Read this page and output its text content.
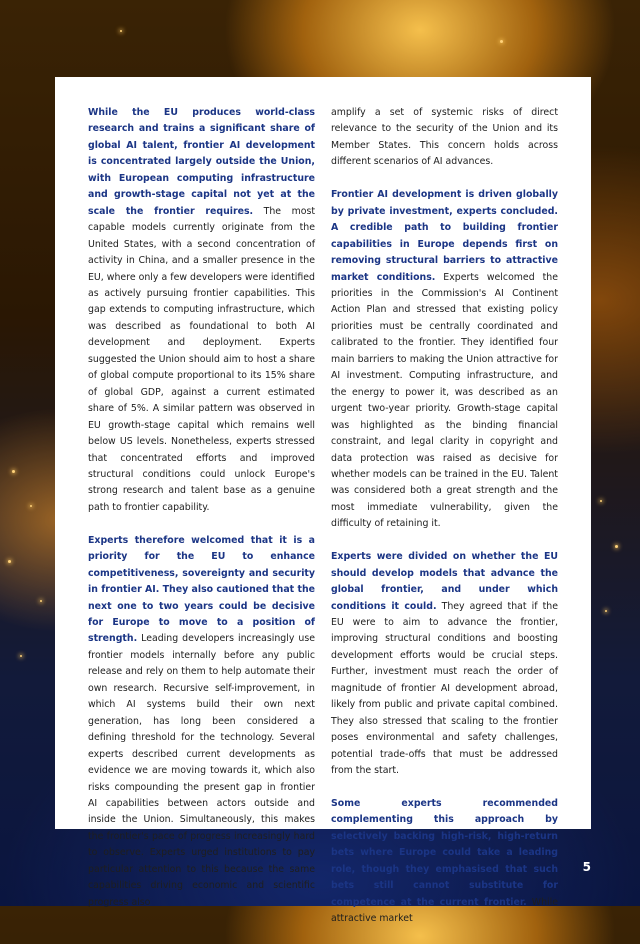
While the EU produces world-class research and trains a significant share of global AI talent, frontier AI development is concentrated largely outside the Union, with European computing infrastructure and growth-stage capital not yet at the scale the frontier requires. The most capable models currently originate from the United States, with a second concentration of activity in China, and a smaller presence in the EU, where only a few developers were identified as actively pursuing frontier capabilities. This gap extends to computing infrastructure, which was described as foundational to both AI development and deployment. Experts suggested the Union should aim to host a share of global compute proportional to its 15% share of global GDP, against a current estimated share of 5%. A similar pattern was observed in EU growth-stage capital which remains well below US levels. Nonetheless, experts stressed that concentrated efforts and improved structural conditions could unlock Europe's strong research and talent base as a genuine path to frontier capability.

Experts therefore welcomed that it is a priority for the EU to enhance competitiveness, sovereignty and security in frontier AI. They also cautioned that the next one to two years could be decisive for Europe to move to a position of strength. Leading developers increasingly use frontier models internally before any public release and rely on them to help automate their own research. Recursive self-improvement, in which AI systems build their own next generation, has long been considered a defining threshold for the technology. Several experts described current developments as evidence we are moving towards it, which also risks compounding the present gap in frontier AI capabilities between actors outside and inside the Union. Simultaneously, this makes the frontier's pace of progress increasingly hard to observe. Experts urged institutions to pay particular attention to this because the same capabilities driving economic and scientific progress also

amplify a set of systemic risks of direct relevance to the security of the Union and its Member States. This concern holds across different scenarios of AI advances.

Frontier AI development is driven globally by private investment, experts concluded. A credible path to building frontier capabilities in Europe depends first on removing structural barriers to attractive market conditions. Experts welcomed the priorities in the Commission's AI Continent Action Plan and stressed that existing policy priorities must be centrally coordinated and calibrated to the frontier. They identified four main barriers to making the Union attractive for AI investment. Computing infrastructure, and the energy to power it, was described as an urgent two-year priority. Growth-stage capital was highlighted as the binding financial constraint, and legal clarity in copyright and data protection was raised as decisive for whether models can be trained in the EU. Talent was considered both a great strength and the most immediate vulnerability, given the difficulty of retaining it.

Experts were divided on whether the EU should develop models that advance the global frontier, and under which conditions it could. They agreed that if the EU were to aim to advance the frontier, improving structural conditions and boosting development efforts would be crucial steps. Further, investment must reach the order of magnitude of frontier AI development abroad, likely from public and private capital combined. They also stressed that scaling to the frontier poses environmental and safety challenges, potential trade-offs that must be addressed from the start.

Some experts recommended complementing this approach by selectively backing high-risk, high-return bets where Europe could take a leading role, though they emphasised that such bets still cannot substitute for competence at the current frontier. While attractive market

5
